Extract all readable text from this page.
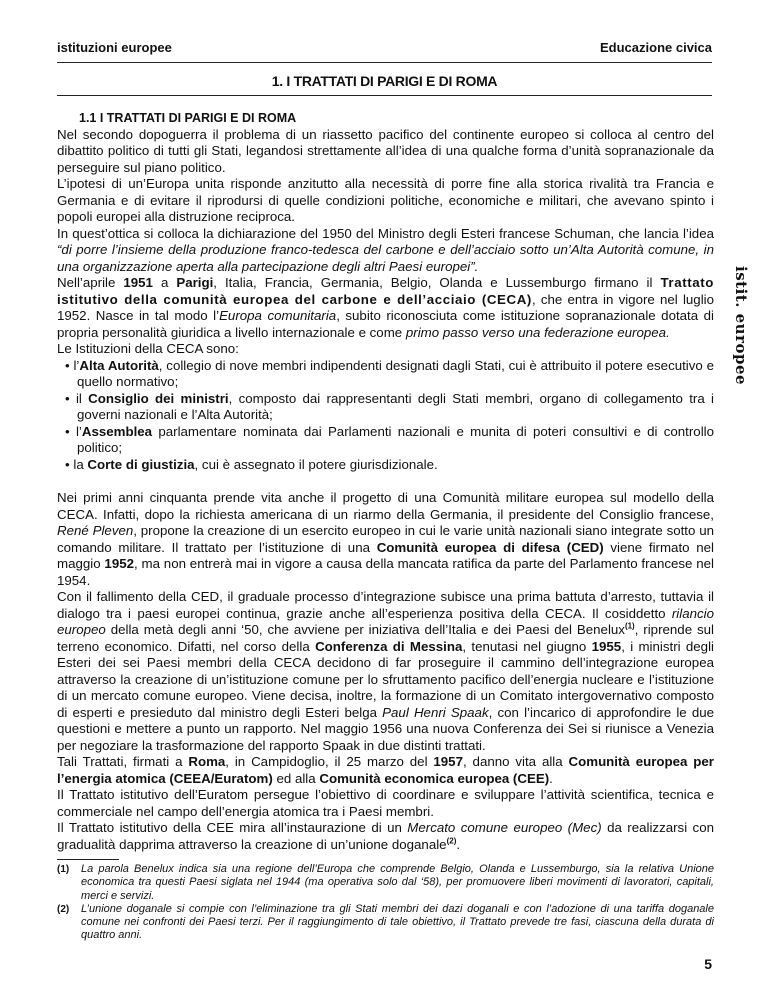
istituzioni europee	Educazione civica
1. I TRATTATI DI PARIGI E DI ROMA
istit. europee

1.1 I TRATTATI DI PARIGI E DI ROMA

Nel secondo dopoguerra il problema di un riassetto pacifico del continente europeo si colloca al centro del dibattito politico di tutti gli Stati, legandosi strettamente all’idea di una qualche forma d’unità sopranazionale da perseguire sul piano politico.

L’ipotesi di un’Europa unita risponde anzitutto alla necessità di porre fine alla storica rivalità tra Francia e Germania e di evitare il riprodursi di quelle condizioni politiche, economiche e militari, che avevano spinto i popoli europei alla distruzione reciproca.

In quest’ottica si colloca la dichiarazione del 1950 del Ministro degli Esteri francese Schuman, che lancia l’idea “di porre l’insieme della produzione franco-tedesca del carbone e dell’acciaio sotto un’Alta Autorità comune, in una organizzazione aperta alla partecipazione degli altri Paesi europei”.

Nell’aprile 1951 a Parigi, Italia, Francia, Germania, Belgio, Olanda e Lussemburgo firmano il Trattato istitutivo della comunità europea del carbone e dell’acciaio (CECA), che entra in vigore nel luglio 1952. Nasce in tal modo l’Europa comunitaria, subito riconosciuta come istituzione sopranazionale dotata di propria personalità giuridica a livello internazionale e come primo passo verso una federazione europea.

Le Istituzioni della CECA sono:

• l’Alta Autorità, collegio di nove membri indipendenti designati dagli Stati, cui è attribuito il potere esecutivo e quello normativo;
• il Consiglio dei ministri, composto dai rappresentanti degli Stati membri, organo di collegamento tra i governi nazionali e l’Alta Autorità;
• l’Assemblea parlamentare nominata dai Parlamenti nazionali e munita di poteri consultivi e di controllo politico;
• la Corte di giustizia, cui è assegnato il potere giurisdizionale.

Nei primi anni cinquanta prende vita anche il progetto di una Comunità militare europea sul modello della CECA. Infatti, dopo la richiesta americana di un riarmo della Germania, il presidente del Consiglio francese, René Pleven, propone la creazione di un esercito europeo in cui le varie unità nazionali siano integrate sotto un comando militare. Il trattato per l’istituzione di una Comunità europea di difesa (CED) viene firmato nel maggio 1952, ma non entrerà mai in vigore a causa della mancata ratifica da parte del Parlamento francese nel 1954.

Con il fallimento della CED, il graduale processo d’integrazione subisce una prima battuta d’arresto, tuttavia il dialogo tra i paesi europei continua, grazie anche all’esperienza positiva della CECA. Il cosiddetto rilancio europeo della metà degli anni ‘50, che avviene per iniziativa dell’Italia e dei Paesi del Benelux$^{(1)}$, riprende sul terreno economico. Difatti, nel corso della Conferenza di Messina, tenutasi nel giugno 1955, i ministri degli Esteri dei sei Paesi membri della CECA decidono di far proseguire il cammino dell’integrazione europea attraverso la creazione di un’istituzione comune per lo sfruttamento pacifico dell’energia nucleare e l’istituzione di un mercato comune europeo. Viene decisa, inoltre, la formazione di un Comitato intergovernativo composto di esperti e presieduto dal ministro degli Esteri belga Paul Henri Spaak, con l’incarico di approfondire le due questioni e mettere a punto un rapporto. Nel maggio 1956 una nuova Conferenza dei Sei si riunisce a Venezia per negoziare la trasformazione del rapporto Spaak in due distinti trattati.

Tali Trattati, firmati a Roma, in Campidoglio, il 25 marzo del 1957, danno vita alla Comunità europea per l’energia atomica (CEEA/Euratom) ed alla Comunità economica europea (CEE).

Il Trattato istitutivo dell’Euratom persegue l’obiettivo di coordinare e sviluppare l’attività scientifica, tecnica e commerciale nel campo dell’energia atomica tra i Paesi membri.

Il Trattato istitutivo della CEE mira all’instaurazione di un Mercato comune europeo (Mec) da realizzarsi con gradualità dapprima attraverso la creazione di un’unione doganale$^{(2)}$.

(1)	La parola Benelux indica sia una regione dell’Europa che comprende Belgio, Olanda e Lussemburgo, sia la relativa Unione economica tra questi Paesi siglata nel 1944 (ma operativa solo dal ‘58), per promuovere liberi movimenti di lavoratori, capitali, merci e servizi.
(2)	L’unione doganale si compie con l’eliminazione tra gli Stati membri dei dazi doganali e con l’adozione di una tariffa doganale comune nei confronti dei Paesi terzi. Per il raggiungimento di tale obiettivo, il Trattato prevede tre fasi, ciascuna della durata di quattro anni.
5
